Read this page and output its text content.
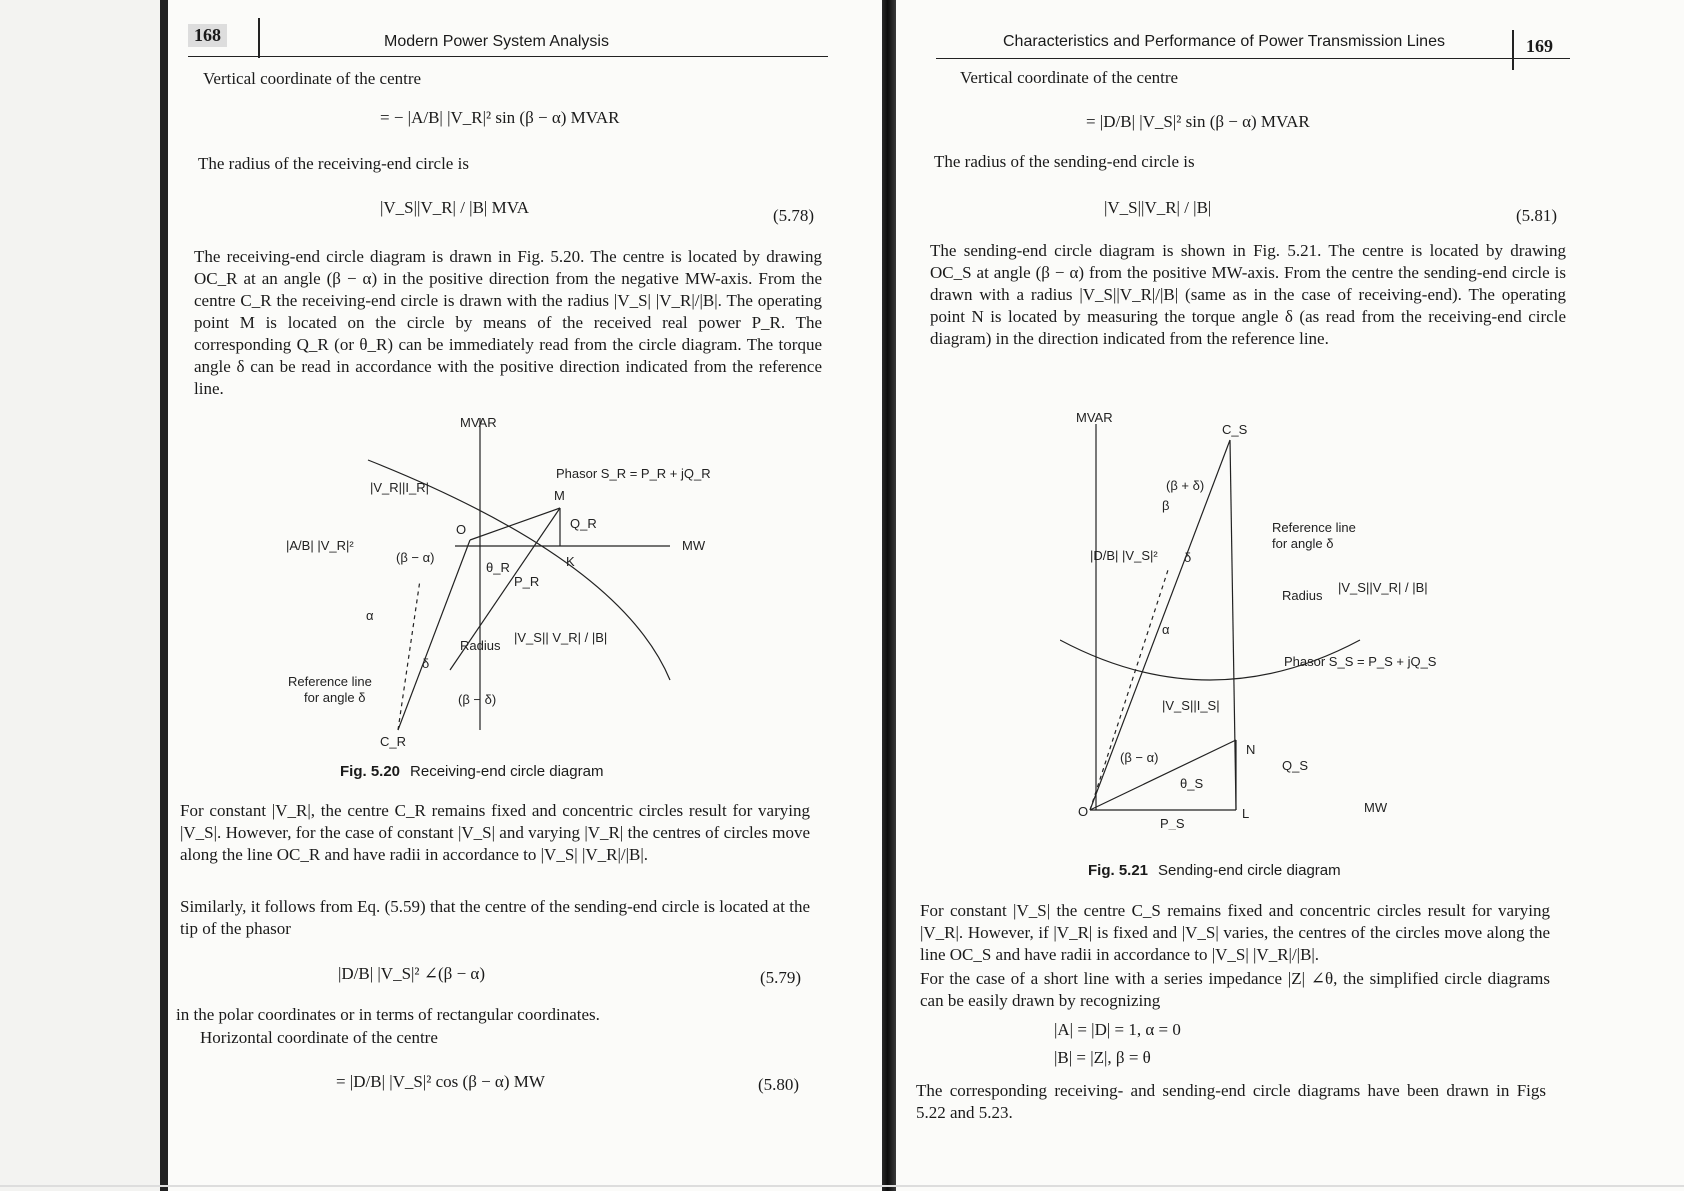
168	Modern Power System Analysis
Vertical coordinate of the centre
= − |A/B| |V_R|² sin (β − α) MVAR
The radius of the receiving-end circle is
|V_S||V_R| / |B| MVA	(5.78)
The receiving-end circle diagram is drawn in Fig. 5.20. The centre is located by drawing OC_R at an angle (β − α) in the positive direction from the negative MW-axis. From the centre C_R the receiving-end circle is drawn with the radius |V_S| |V_R|/|B|. The operating point M is located on the circle by means of the received real power P_R. The corresponding Q_R (or θ_R) can be immediately read from the circle diagram. The torque angle δ can be read in accordance with the positive direction indicated from the reference line.
MVAR
MW
Phasor S_R = P_R + jQ_R
|V_R||I_R|
O
M
Q_R
K
P_R
θ_R
(β − α)
α
δ
|A/B| |V_R|²
Radius
|V_S|| V_R| / |B|
Reference line
for angle δ	(β − δ)
C_R
Fig. 5.20 Receiving-end circle diagram
For constant |V_R|, the centre C_R remains fixed and concentric circles result for varying |V_S|. However, for the case of constant |V_S| and varying |V_R| the centres of circles move along the line OC_R and have radii in accordance to |V_S| |V_R|/|B|.
Similarly, it follows from Eq. (5.59) that the centre of the sending-end circle is located at the tip of the phasor
|D/B| |V_S|² ∠(β − α)	(5.79)
in the polar coordinates or in terms of rectangular coordinates.
Horizontal coordinate of the centre
= |D/B| |V_S|² cos (β − α) MW	(5.80)
Characteristics and Performance of Power Transmission Lines	169
Vertical coordinate of the centre
= |D/B| |V_S|² sin (β − α) MVAR
The radius of the sending-end circle is
|V_S||V_R| / |B|	(5.81)
The sending-end circle diagram is shown in Fig. 5.21. The centre is located by drawing OC_S at angle (β − α) from the positive MW-axis. From the centre the sending-end circle is drawn with a radius |V_S||V_R|/|B| (same as in the case of receiving-end). The operating point N is located by measuring the torque angle δ (as read from the receiving-end circle diagram) in the direction indicated from the reference line.
MVAR
C_S
(β + δ)
β
|D/B| |V_S|² δ
Reference line
for angle δ
Radius
|V_S||V_R| / |B|
α
Phasor S_S = P_S + jQ_S
|V_S||I_S|
(β − α)
θ_S
N
Q_S
O
P_S
L	MW
Fig. 5.21 Sending-end circle diagram
For constant |V_S| the centre C_S remains fixed and concentric circles result for varying |V_R|. However, if |V_R| is fixed and |V_S| varies, the centres of the circles move along the line OC_S and have radii in accordance to |V_S| |V_R|/|B|.
For the case of a short line with a series impedance |Z| ∠θ, the simplified circle diagrams can be easily drawn by recognizing
|A| = |D| = 1, α = 0
|B| = |Z|, β = θ
The corresponding receiving- and sending-end circle diagrams have been drawn in Figs 5.22 and 5.23.
